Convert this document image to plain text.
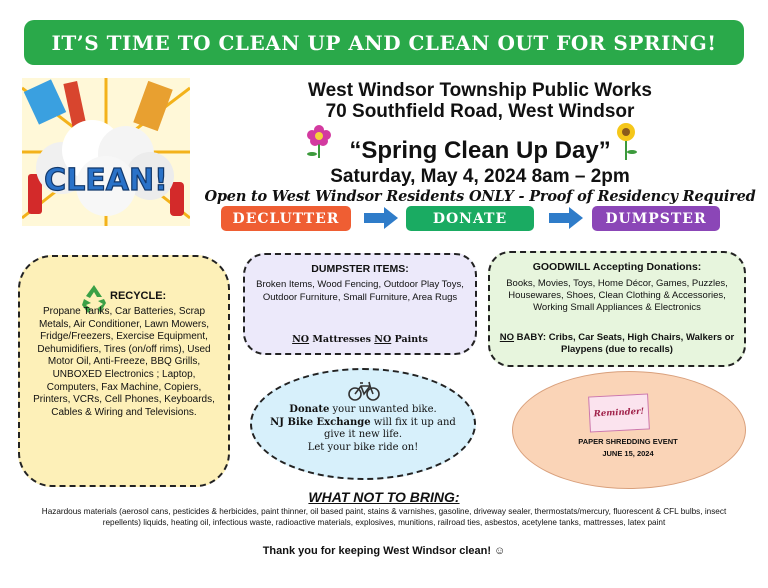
IT’S TIME TO CLEAN UP AND CLEAN OUT FOR SPRING!
CLEAN!
West Windsor Township Public Works
70 Southfield Road, West Windsor
“Spring Clean Up Day”
Saturday, May 4, 2024 8am – 2pm
Open to West Windsor Residents ONLY - Proof of Residency Required
DECLUTTER	DONATE	DUMPSTER
RECYCLE:
Propane Tanks, Car Batteries, Scrap Metals, Air Conditioner, Lawn Mowers, Fridge/Freezers, Exercise Equipment, Dehumidifiers, Tires (on/off rims), Used Motor Oil, Anti-Freeze, BBQ Grills, UNBOXED Electronics ; Laptop, Computers, Fax Machine, Copiers, Printers, VCRs, Cell Phones, Keyboards, Cables & Wiring and Televisions.
DUMPSTER ITEMS:
Broken Items, Wood Fencing, Outdoor Play Toys, Outdoor Furniture, Small Furniture, Area Rugs
NO Mattresses NO Paints
GOODWILL Accepting Donations:
Books, Movies, Toys, Home Décor, Games, Puzzles, Housewares, Shoes, Clean Clothing & Accessories, Working Small Appliances & Electronics
NO BABY: Cribs, Car Seats, High Chairs, Walkers or Playpens (due to recalls)
Donate your unwanted bike.
NJ Bike Exchange will fix it up and give it new life.
Let your bike ride on!
Reminder!
PAPER SHREDDING EVENT
JUNE 15, 2024
WHAT NOT TO BRING:
Hazardous materials (aerosol cans, pesticides & herbicides, paint thinner, oil based paint, stains & varnishes, gasoline, driveway sealer, thermostats/mercury, fluorescent & CFL bulbs, insect repellents) liquids, heating oil, infectious waste, radioactive materials, explosives, munitions, railroad ties, asbestos, acetylene tanks, mattresses, latex paint
Thank you for keeping West Windsor clean! ☺
